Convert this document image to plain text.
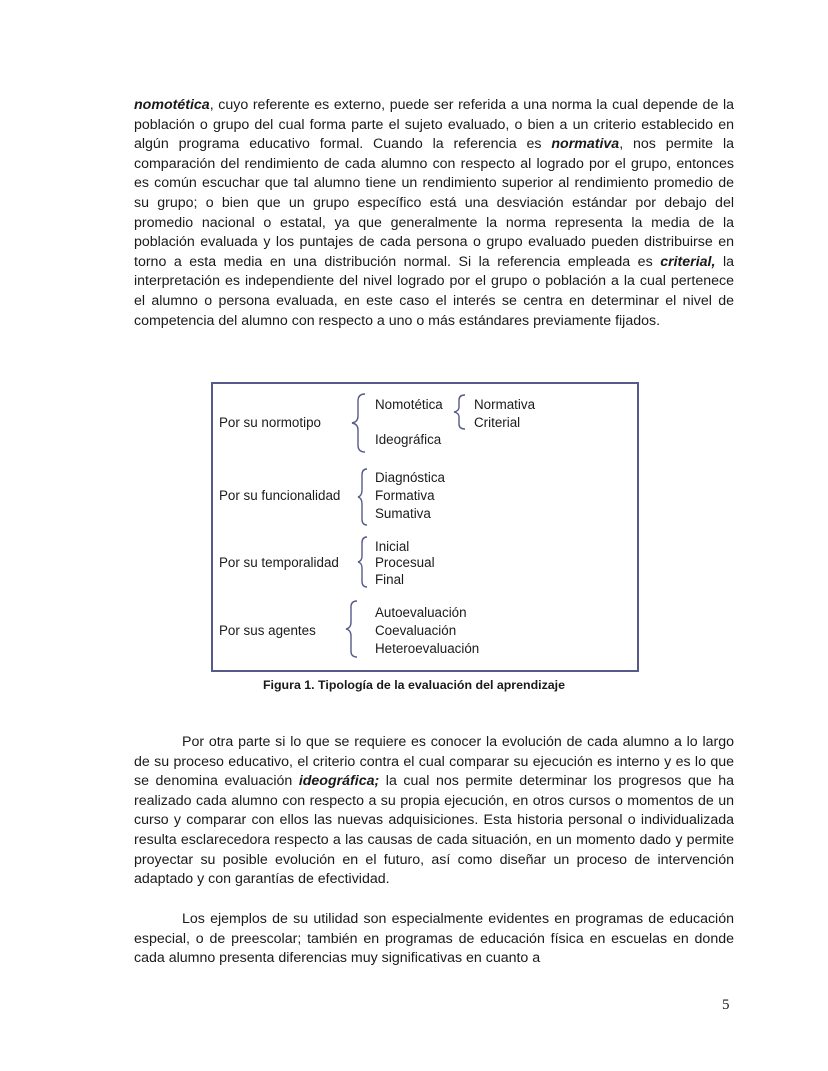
nomotética, cuyo referente es externo, puede ser referida a una norma la cual depende de la población o grupo del cual forma parte el sujeto evaluado, o bien a un criterio establecido en algún programa educativo formal. Cuando la referencia es normativa, nos permite la comparación del rendimiento de cada alumno con respecto al logrado por el grupo, entonces es común escuchar que tal alumno tiene un rendimiento superior al rendimiento promedio de su grupo; o bien que un grupo específico está una desviación estándar por debajo del promedio nacional o estatal, ya que generalmente la norma representa la media de la población evaluada y los puntajes de cada persona o grupo evaluado pueden distribuirse en torno a esta media en una distribución normal. Si la referencia empleada es criterial, la interpretación es independiente del nivel logrado por el grupo o población a la cual pertenece el alumno o persona evaluada, en este caso el interés se centra en determinar el nivel de competencia del alumno con respecto a uno o más estándares previamente fijados.

Por su normotipo
Nomotética
Ideográfica
Normativa
Criterial
Por su funcionalidad
Diagnóstica
Formativa
Sumativa
Por su temporalidad
Inicial
Procesual
Final
Por sus agentes
Autoevaluación
Coevaluación
Heteroevaluación
Figura 1. Tipología de la evaluación del aprendizaje

Por otra parte si lo que se requiere es conocer la evolución de cada alumno a lo largo de su proceso educativo, el criterio contra el cual comparar su ejecución es interno y es lo que se denomina evaluación ideográfica; la cual nos permite determinar los progresos que ha realizado cada alumno con respecto a su propia ejecución, en otros cursos o momentos de un curso y comparar con ellos las nuevas adquisiciones. Esta historia personal o individualizada resulta esclarecedora respecto a las causas de cada situación, en un momento dado y permite proyectar su posible evolución en el futuro, así como diseñar un proceso de intervención adaptado y con garantías de efectividad.

Los ejemplos de su utilidad son especialmente evidentes en programas de educación especial, o de preescolar; también en programas de educación física en escuelas en donde cada alumno presenta diferencias muy significativas en cuanto a

5
